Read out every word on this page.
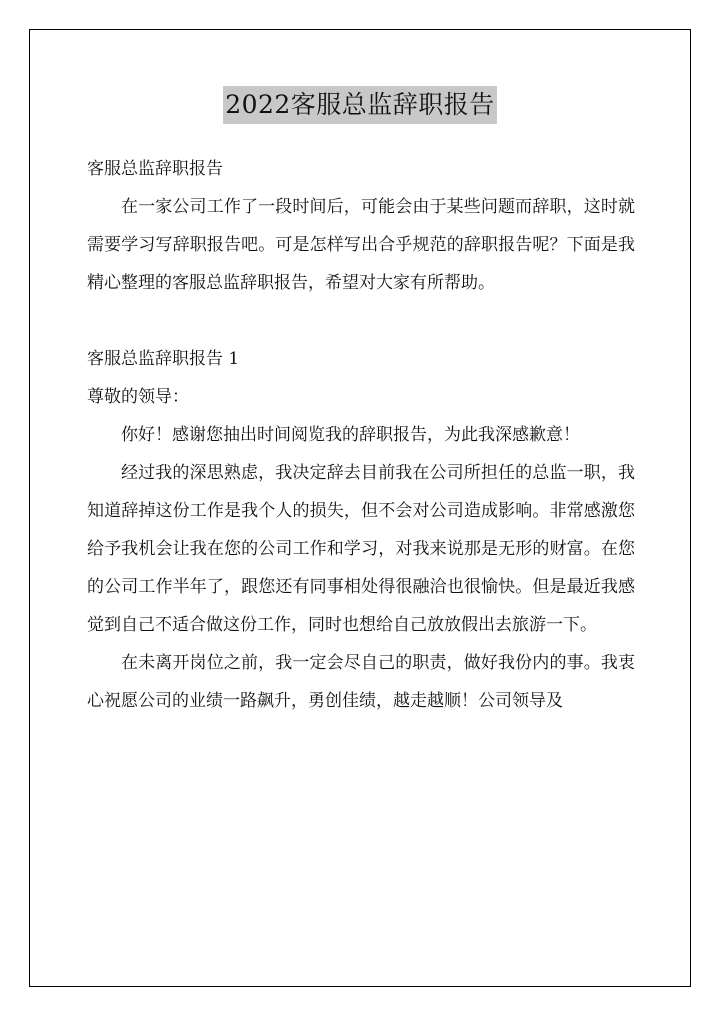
2022客服总监辞职报告

客服总监辞职报告

在一家公司工作了一段时间后，可能会由于某些问题而辞职，这时就需要学习写辞职报告吧。可是怎样写出合乎规范的辞职报告呢？下面是我精心整理的客服总监辞职报告，希望对大家有所帮助。

客服总监辞职报告 1

尊敬的领导：

你好！感谢您抽出时间阅览我的辞职报告，为此我深感歉意！

经过我的深思熟虑，我决定辞去目前我在公司所担任的总监一职，我知道辞掉这份工作是我个人的损失，但不会对公司造成影响。非常感激您给予我机会让我在您的公司工作和学习，对我来说那是无形的财富。在您的公司工作半年了，跟您还有同事相处得很融洽也很愉快。但是最近我感觉到自己不适合做这份工作，同时也想给自己放放假出去旅游一下。

在未离开岗位之前，我一定会尽自己的职责，做好我份内的事。我衷心祝愿公司的业绩一路飙升，勇创佳绩，越走越顺！公司领导及
